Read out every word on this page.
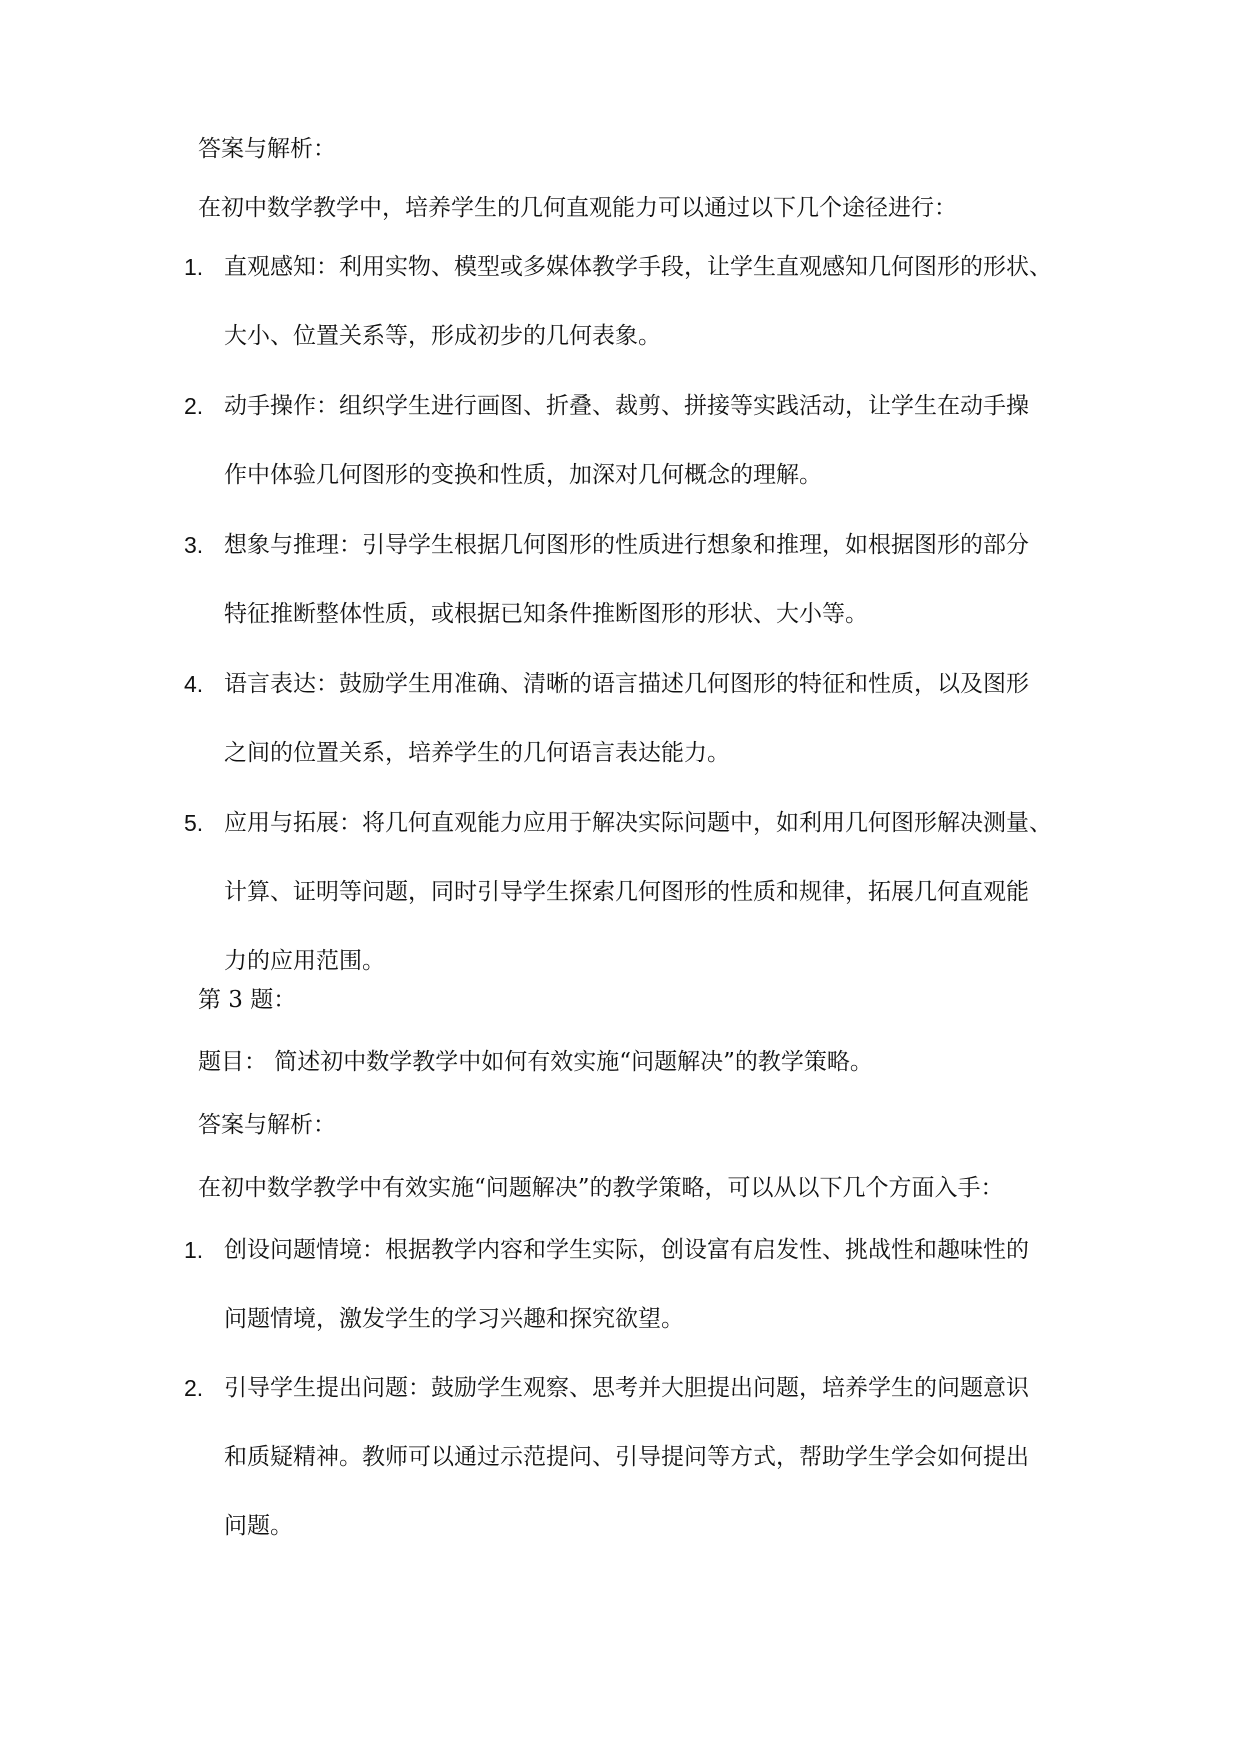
答案与解析：
在初中数学教学中，培养学生的几何直观能力可以通过以下几个途径进行：
1. 直观感知：利用实物、模型或多媒体教学手段，让学生直观感知几何图形的形状、
大小、位置关系等，形成初步的几何表象。
2. 动手操作：组织学生进行画图、折叠、裁剪、拼接等实践活动，让学生在动手操
作中体验几何图形的变换和性质，加深对几何概念的理解。
3. 想象与推理：引导学生根据几何图形的性质进行想象和推理，如根据图形的部分
特征推断整体性质，或根据已知条件推断图形的形状、大小等。
4. 语言表达：鼓励学生用准确、清晰的语言描述几何图形的特征和性质，以及图形
之间的位置关系，培养学生的几何语言表达能力。
5. 应用与拓展：将几何直观能力应用于解决实际问题中，如利用几何图形解决测量、
计算、证明等问题，同时引导学生探索几何图形的性质和规律，拓展几何直观能
力的应用范围。
第 3 题：
题目： 简述初中数学教学中如何有效实施“问题解决”的教学策略。
答案与解析：
在初中数学教学中有效实施“问题解决”的教学策略，可以从以下几个方面入手：
1. 创设问题情境：根据教学内容和学生实际，创设富有启发性、挑战性和趣味性的
问题情境，激发学生的学习兴趣和探究欲望。
2. 引导学生提出问题：鼓励学生观察、思考并大胆提出问题，培养学生的问题意识
和质疑精神。教师可以通过示范提问、引导提问等方式，帮助学生学会如何提出
问题。
